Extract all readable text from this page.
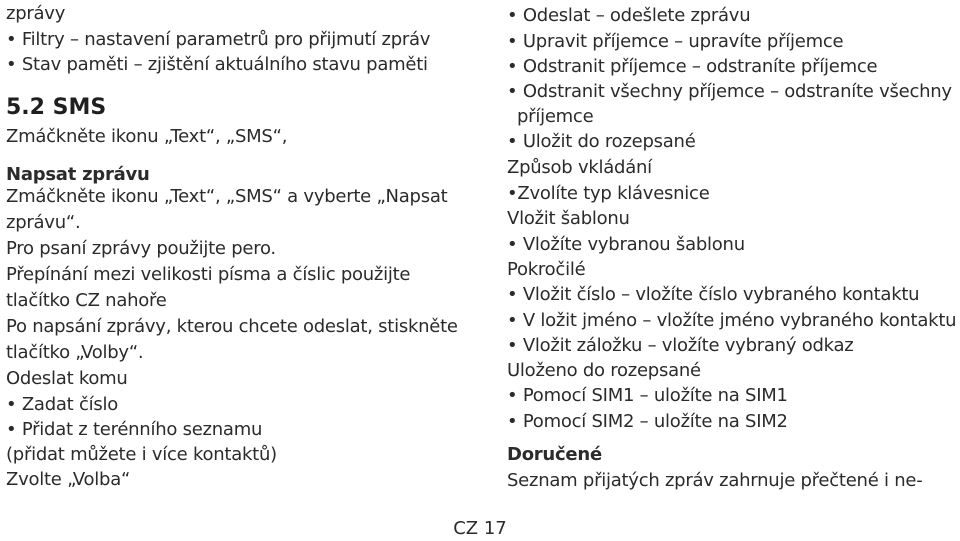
zprávy
• Filtry – nastavení parametrů pro přijmutí zpráv
• Stav paměti – zjištění aktuálního stavu paměti
5.2 SMS
Zmáčkněte ikonu „Text“, „SMS“,
Napsat zprávu
Zmáčkněte ikonu „Text“, „SMS“ a vyberte „Napsat
zprávu“.
Pro psaní zprávy použijte pero.
Přepínání mezi velikosti písma a číslic použijte
tlačítko CZ nahoře
Po napsání zprávy, kterou chcete odeslat, stiskněte
tlačítko „Volby“.
Odeslat komu
• Zadat číslo
• Přidat z terénního seznamu
(přidat můžete i více kontaktů)
Zvolte „Volba“
• Odeslat – odešlete zprávu
• Upravit příjemce – upravíte příjemce
• Odstranit příjemce – odstraníte příjemce
• Odstranit všechny příjemce – odstraníte všechny
příjemce
• Uložit do rozepsané
Způsob vkládání
• Zvolíte typ klávesnice
Vložit šablonu
• Vložíte vybranou šablonu
Pokročilé
• Vložit číslo – vložíte číslo vybraného kontaktu
• V ložit jméno – vložíte jméno vybraného kontaktu
• Vložit záložku – vložíte vybraný odkaz
Uloženo do rozepsané
• Pomocí SIM1 – uložíte na SIM1
• Pomocí SIM2 – uložíte na SIM2
Doručené
Seznam přijatých zpráv zahrnuje přečtené i ne-
CZ 17
